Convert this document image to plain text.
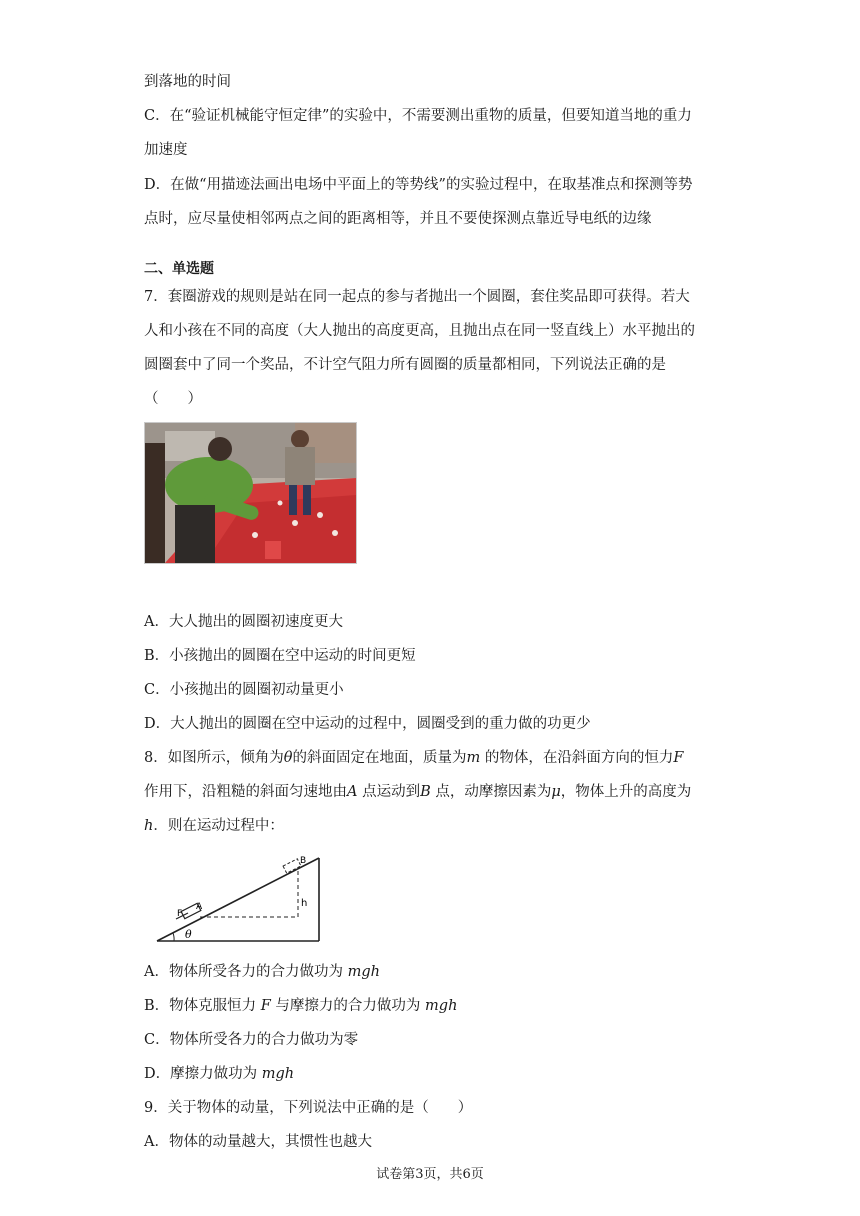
到落地的时间
C．在“验证机械能守恒定律”的实验中，不需要测出重物的质量，但要知道当地的重力
加速度
D．在做“用描迹法画出电场中平面上的等势线”的实验过程中，在取基准点和探测等势
点时，应尽量使相邻两点之间的距离相等，并且不要使探测点靠近导电纸的边缘
二、单选题
7．套圈游戏的规则是站在同一起点的参与者抛出一个圆圈，套住奖品即可获得。若大
人和小孩在不同的高度（大人抛出的高度更高，且抛出点在同一竖直线上）水平抛出的
圆圈套中了同一个奖品，不计空气阻力所有圆圈的质量都相同，下列说法正确的是
（　　）
A．大人抛出的圆圈初速度更大
B．小孩抛出的圆圈在空中运动的时间更短
C．小孩抛出的圆圈初动量更小
D．大人抛出的圆圈在空中运动的过程中，圆圈受到的重力做的功更少
8．如图所示，倾角为θ的斜面固定在地面，质量为m 的物体，在沿斜面方向的恒力F
作用下，沿粗糙的斜面匀速地由A 点运动到B 点，动摩擦因素为μ，物体上升的高度为
h．则在运动过程中：
B
A
F
h
θ
A．物体所受各力的合力做功为 mgh
B．物体克服恒力 F 与摩擦力的合力做功为 mgh
C．物体所受各力的合力做功为零
D．摩擦力做功为 mgh
9．关于物体的动量，下列说法中正确的是（　　）
A．物体的动量越大，其惯性也越大
试卷第3页，共6页
